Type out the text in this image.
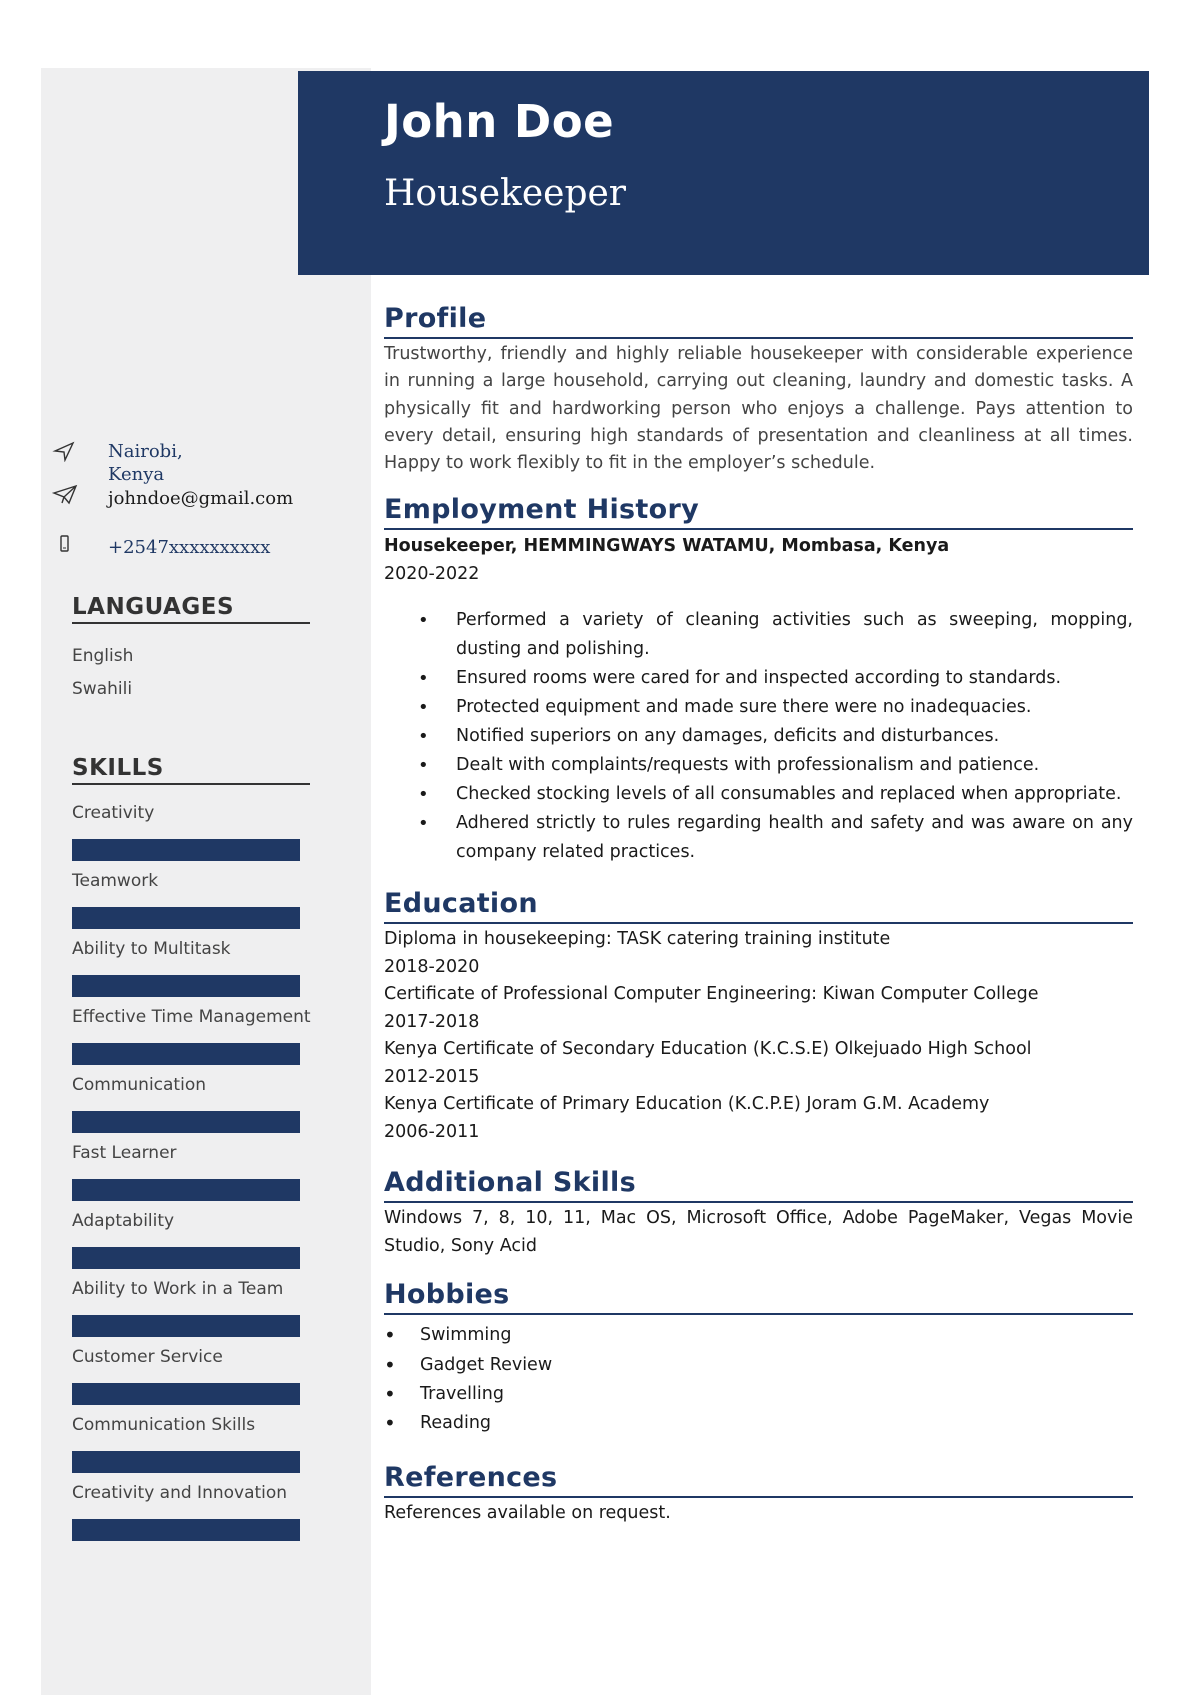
John Doe
Housekeeper
Nairobi,
Kenya
johndoe@gmail.com
+2547xxxxxxxxxx
LANGUAGES
English
Swahili
SKILLS
Creativity
Teamwork
Ability to Multitask
Effective Time Management
Communication
Fast Learner
Adaptability
Ability to Work in a Team
Customer Service
Communication Skills
Creativity and Innovation
Profile
Trustworthy, friendly and highly reliable housekeeper with considerable experience in running a large household, carrying out cleaning, laundry and domestic tasks. A physically fit and hardworking person who enjoys a challenge. Pays attention to every detail, ensuring high standards of presentation and cleanliness at all times. Happy to work flexibly to fit in the employer’s schedule.
Employment History
Housekeeper, HEMMINGWAYS WATAMU, Mombasa, Kenya
2020-2022
• Performed a variety of cleaning activities such as sweeping, mopping, dusting and polishing.
• Ensured rooms were cared for and inspected according to standards.
• Protected equipment and made sure there were no inadequacies.
• Notified superiors on any damages, deficits and disturbances.
• Dealt with complaints/requests with professionalism and patience.
• Checked stocking levels of all consumables and replaced when appropriate.
• Adhered strictly to rules regarding health and safety and was aware on any company related practices.
Education
Diploma in housekeeping: TASK catering training institute
2018-2020
Certificate of Professional Computer Engineering: Kiwan Computer College
2017-2018
Kenya Certificate of Secondary Education (K.C.S.E) Olkejuado High School
2012-2015
Kenya Certificate of Primary Education (K.C.P.E) Joram G.M. Academy
2006-2011
Additional Skills
Windows 7, 8, 10, 11, Mac OS, Microsoft Office, Adobe PageMaker, Vegas Movie Studio, Sony Acid
Hobbies
• Swimming
• Gadget Review
• Travelling
• Reading
References
References available on request.
